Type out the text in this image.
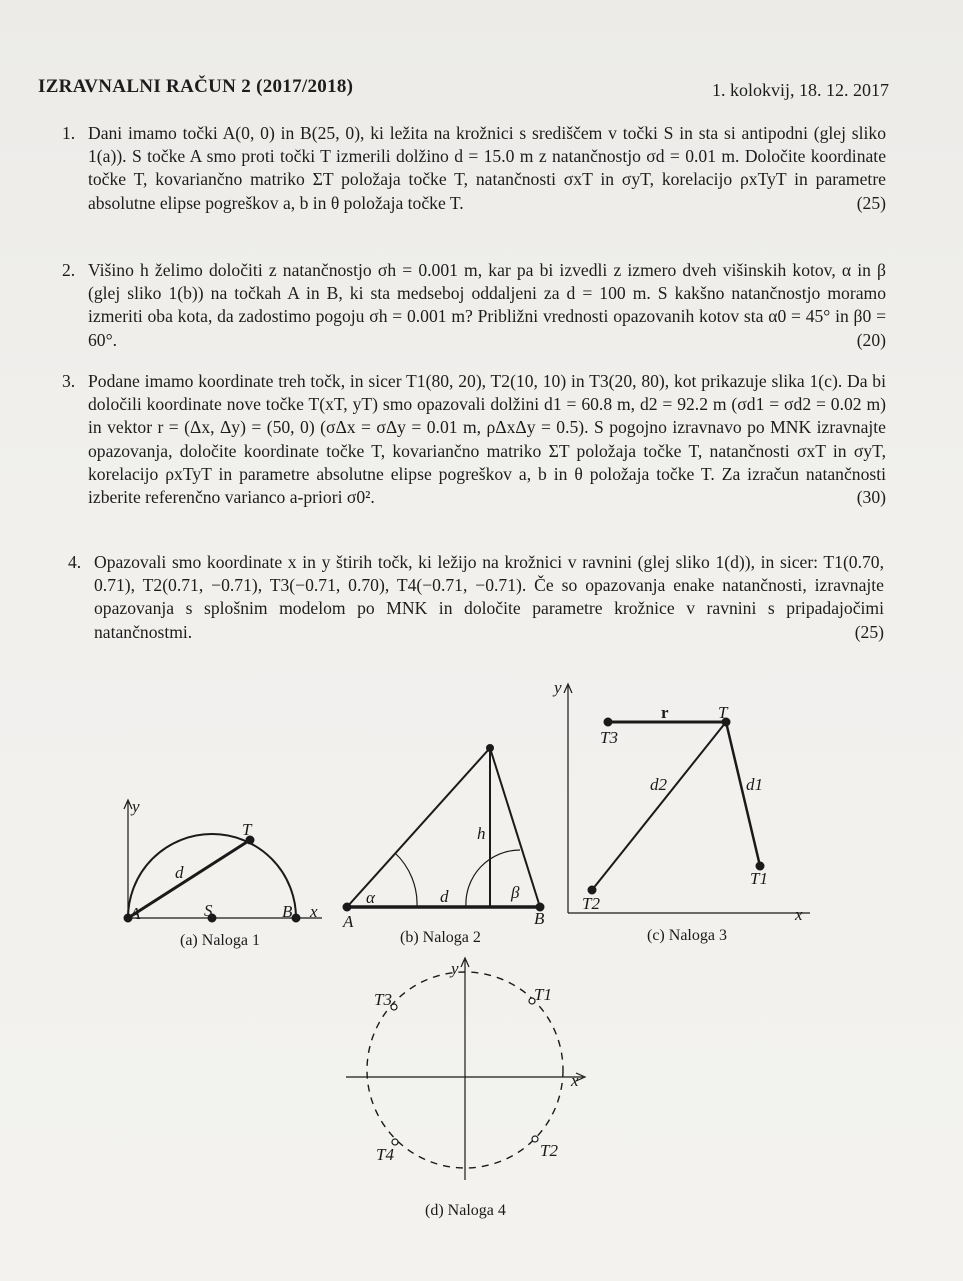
IZRAVNALNI RAČUN 2 (2017/2018)	1. kolokvij, 18. 12. 2017
1. Dani imamo točki A(0, 0) in B(25, 0), ki ležita na krožnici s središčem v točki S in sta si antipodni (glej sliko 1(a)). S točke A smo proti točki T izmerili dolžino d = 15.0 m z natančnostjo σd = 0.01 m. Določite koordinate točke T, kovariančno matriko ΣT položaja točke T, natančnosti σxT in σyT, korelacijo ρxTyT in parametre absolutne elipse pogreškov a, b in θ položaja točke T.	(25)
2. Višino h želimo določiti z natančnostjo σh = 0.001 m, kar pa bi izvedli z izmero dveh višinskih kotov, α in β (glej sliko 1(b)) na točkah A in B, ki sta medseboj oddaljeni za d = 100 m. S kakšno natančnostjo moramo izmeriti oba kota, da zadostimo pogoju σh = 0.001 m? Približni vrednosti opazovanih kotov sta α0 = 45° in β0 = 60°.	(20)
3. Podane imamo koordinate treh točk, in sicer T1(80, 20), T2(10, 10) in T3(20, 80), kot prikazuje slika 1(c). Da bi določili koordinate nove točke T(xT, yT) smo opazovali dolžini d1 = 60.8 m, d2 = 92.2 m (σd1 = σd2 = 0.02 m) in vektor r = (Δx, Δy) = (50, 0) (σΔx = σΔy = 0.01 m, ρΔxΔy = 0.5). S pogojno izravnavo po MNK izravnajte opazovanja, določite koordinate točke T, kovariančno matriko ΣT položaja točke T, natančnosti σxT in σyT, korelacijo ρxTyT in parametre absolutne elipse pogreškov a, b in θ položaja točke T. Za izračun natančnosti izberite referenčno varianco a-priori σ0².	(30)
4. Opazovali smo koordinate x in y štirih točk, ki ležijo na krožnici v ravnini (glej sliko 1(d)), in sicer: T1(0.70, 0.71), T2(0.71, −0.71), T3(−0.71, 0.70), T4(−0.71, −0.71). Če so opazovanja enake natančnosti, izravnajte opazovanja s splošnim modelom po MNK in določite parametre krožnice v ravnini s pripadajočimi natančnostmi.	(25)
y
x
A	S	B
T
d
(a) Naloga 1
A	B
h
d
α	β
(b) Naloga 2
y
x
T
r
T3
T2
T1
d2	d1
(c) Naloga 3
y
x
T1
T2
T3
T4
(d) Naloga 4
